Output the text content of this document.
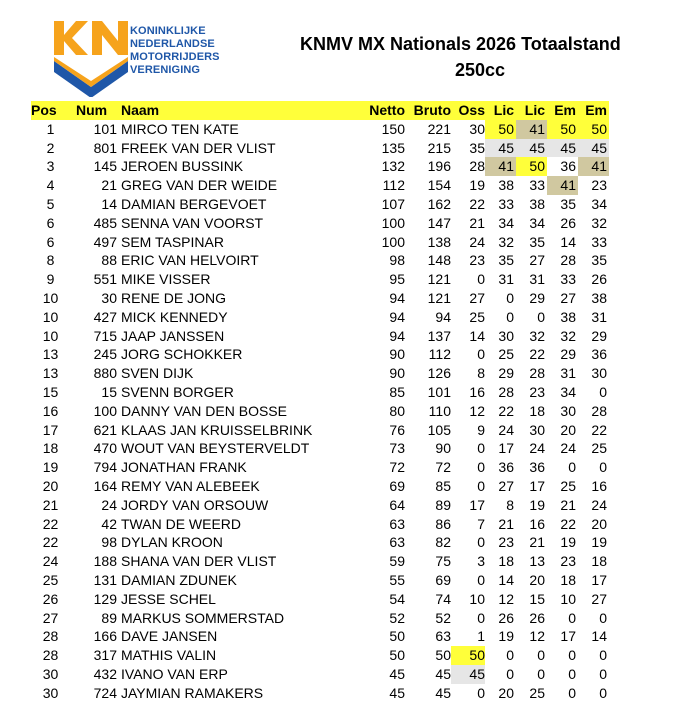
KONINKLIJKE
NEDERLANDSE
MOTORRIJDERS
VERENIGING
KNMV MX Nationals 2026 Totaalstand
250cc
Pos	Num	Naam	Netto	Bruto	Oss	Lic	Lic	Em	Em
1	101	MIRCO TEN KATE	150	221	30	50	41	50	50
2	801	FREEK VAN DER VLIST	135	215	35	45	45	45	45
3	145	JEROEN BUSSINK	132	196	28	41	50	36	41
4	21	GREG VAN DER WEIDE	112	154	19	38	33	41	23
5	14	DAMIAN BERGEVOET	107	162	22	33	38	35	34
6	485	SENNA VAN VOORST	100	147	21	34	34	26	32
6	497	SEM TASPINAR	100	138	24	32	35	14	33
8	88	ERIC VAN HELVOIRT	98	148	23	35	27	28	35
9	551	MIKE VISSER	95	121	0	31	31	33	26
10	30	RENE DE JONG	94	121	27	0	29	27	38
10	427	MICK KENNEDY	94	94	25	0	0	38	31
10	715	JAAP JANSSEN	94	137	14	30	32	32	29
13	245	JORG SCHOKKER	90	112	0	25	22	29	36
13	880	SVEN DIJK	90	126	8	29	28	31	30
15	15	SVENN BORGER	85	101	16	28	23	34	0
16	100	DANNY VAN DEN BOSSE	80	110	12	22	18	30	28
17	621	KLAAS JAN KRUISSELBRINK	76	105	9	24	30	20	22
18	470	WOUT VAN BEYSTERVELDT	73	90	0	17	24	24	25
19	794	JONATHAN FRANK	72	72	0	36	36	0	0
20	164	REMY VAN ALEBEEK	69	85	0	27	17	25	16
21	24	JORDY VAN ORSOUW	64	89	17	8	19	21	24
22	42	TWAN DE WEERD	63	86	7	21	16	22	20
22	98	DYLAN KROON	63	82	0	23	21	19	19
24	188	SHANA VAN DER VLIST	59	75	3	18	13	23	18
25	131	DAMIAN ZDUNEK	55	69	0	14	20	18	17
26	129	JESSE SCHEL	54	74	10	12	15	10	27
27	89	MARKUS SOMMERSTAD	52	52	0	26	26	0	0
28	166	DAVE JANSEN	50	63	1	19	12	17	14
28	317	MATHIS VALIN	50	50	50	0	0	0	0
30	432	IVANO VAN ERP	45	45	45	0	0	0	0
30	724	JAYMIAN RAMAKERS	45	45	0	20	25	0	0
